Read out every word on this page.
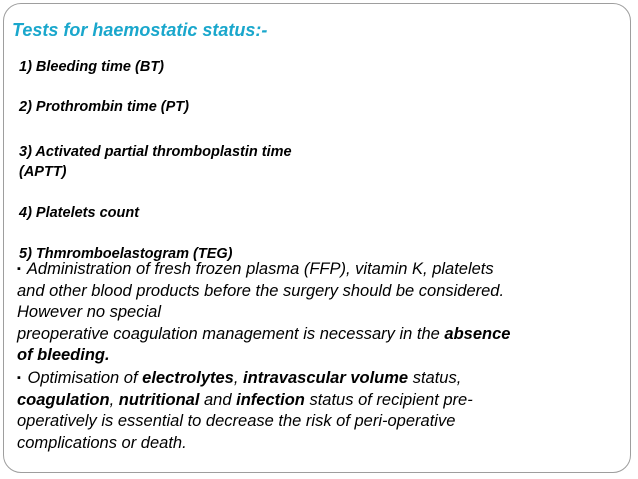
Tests for haemostatic status:-
1) Bleeding time (BT)
2) Prothrombin time (PT)
3) Activated partial thromboplastin time
(APTT)
4) Platelets count
5) Thmromboelastogram (TEG)
▪ Administration of fresh frozen plasma (FFP), vitamin K, platelets
and other blood products before the surgery should be considered.
However no special
preoperative coagulation management is necessary in the absence
of bleeding.
▪ Optimisation of electrolytes, intravascular volume status,
coagulation, nutritional and infection status of recipient pre-
operatively is essential to decrease the risk of peri-operative
complications or death.
